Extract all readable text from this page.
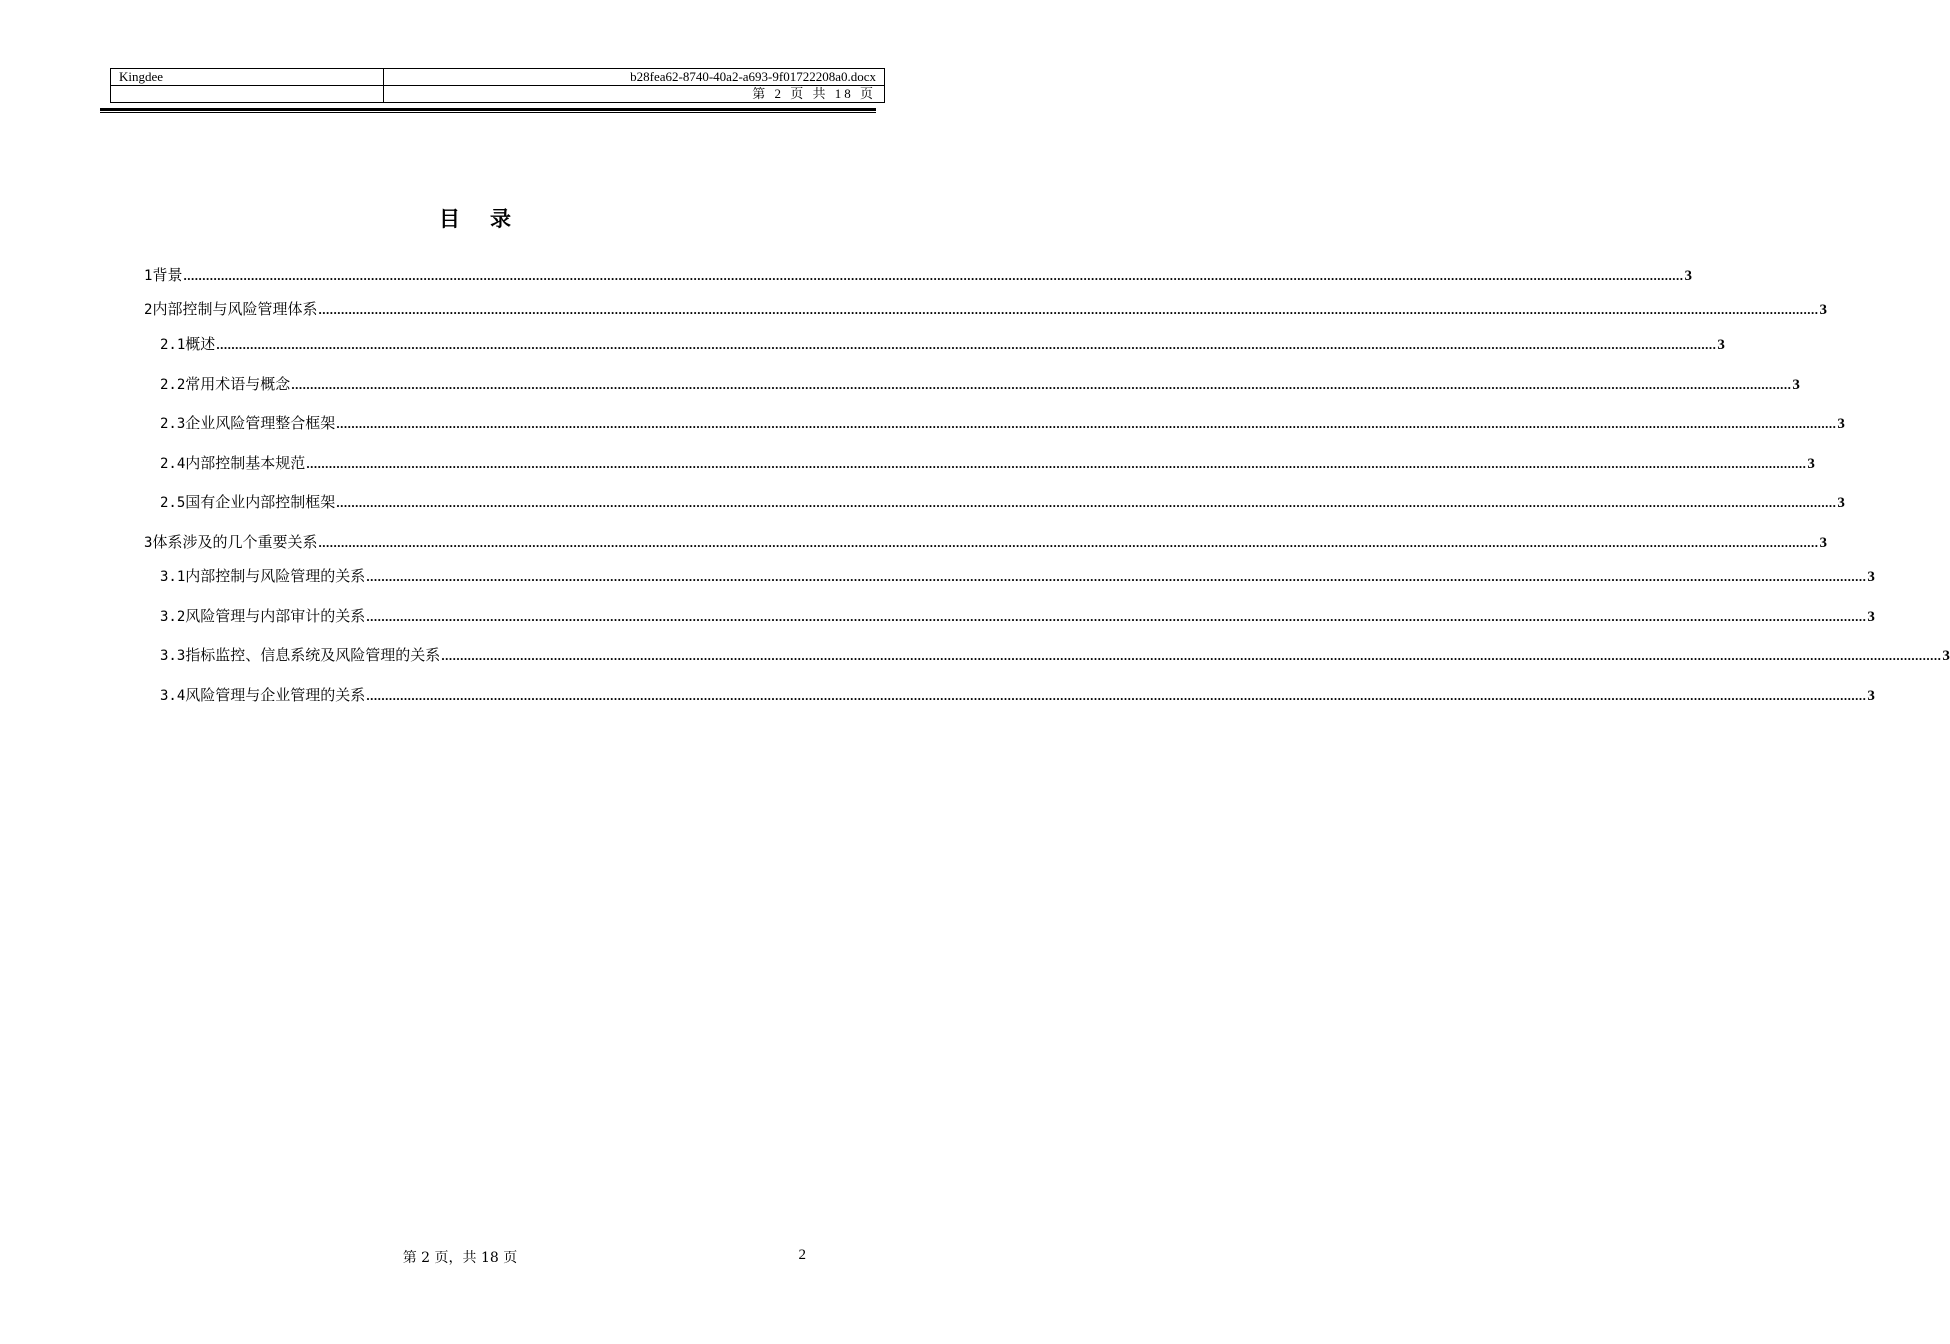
Kingdee	b28fea62-8740-40a2-a693-9f01722208a0.docx
	第 2 页 共 18 页
目录
1 背景 ................................................................................................................................................................................................................................................................................................................................................................................................................ 3
2 内部控制与风险管理体系 ................................................................................................................................................................................................................................................................................................................................................................................................................ 3
2.1 概述 ................................................................................................................................................................................................................................................................................................................................................................................................................ 3
2.2 常用术语与概念 ................................................................................................................................................................................................................................................................................................................................................................................................................ 3
2.3 企业风险管理整合框架 ................................................................................................................................................................................................................................................................................................................................................................................................................ 3
2.4 内部控制基本规范 ................................................................................................................................................................................................................................................................................................................................................................................................................ 3
2.5 国有企业内部控制框架 ................................................................................................................................................................................................................................................................................................................................................................................................................ 3
3 体系涉及的几个重要关系 ................................................................................................................................................................................................................................................................................................................................................................................................................ 3
3.1 内部控制与风险管理的关系 ................................................................................................................................................................................................................................................................................................................................................................................................................ 3
3.2 风险管理与内部审计的关系 ................................................................................................................................................................................................................................................................................................................................................................................................................ 3
3.3 指标监控、信息系统及风险管理的关系 ................................................................................................................................................................................................................................................................................................................................................................................................................ 3
3.4 风险管理与企业管理的关系 ................................................................................................................................................................................................................................................................................................................................................................................................................ 3
第 2 页，共 18 页	2
